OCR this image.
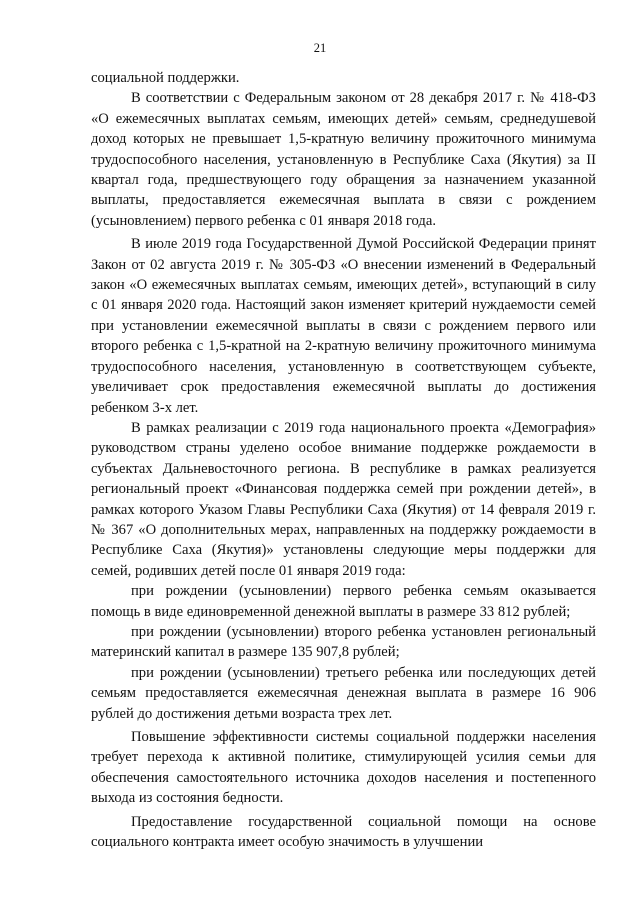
21

социальной поддержки.

В соответствии с Федеральным законом от 28 декабря 2017 г. № 418-ФЗ «О ежемесячных выплатах семьям, имеющих детей» семьям, среднедушевой доход которых не превышает 1,5-кратную величину прожиточного минимума трудоспособного населения, установленную в Республике Саха (Якутия) за II квартал года, предшествующего году обращения за назначением указанной выплаты, предоставляется ежемесячная выплата в связи с рождением (усыновлением) первого ребенка с 01 января 2018 года.

В июле 2019 года Государственной Думой Российской Федерации принят Закон от 02 августа 2019 г. № 305-ФЗ «О внесении изменений в Федеральный закон «О ежемесячных выплатах семьям, имеющих детей», вступающий в силу с 01 января 2020 года. Настоящий закон изменяет критерий нуждаемости семей при установлении ежемесячной выплаты в связи с рождением первого или второго ребенка с 1,5-кратной на 2-кратную величину прожиточного минимума трудоспособного населения, установленную в соответствующем субъекте, увеличивает срок предоставления ежемесячной выплаты до достижения ребенком 3-х лет.

В рамках реализации с 2019 года национального проекта «Демография» руководством страны уделено особое внимание поддержке рождаемости в субъектах Дальневосточного региона. В республике в рамках реализуется региональный проект «Финансовая поддержка семей при рождении детей», в рамках которого Указом Главы Республики Саха (Якутия) от 14 февраля 2019 г. № 367 «О дополнительных мерах, направленных на поддержку рождаемости в Республике Саха (Якутия)» установлены следующие меры поддержки для семей, родивших детей после 01 января 2019 года:

при рождении (усыновлении) первого ребенка семьям оказывается помощь в виде единовременной денежной выплаты в размере 33 812 рублей;

при рождении (усыновлении) второго ребенка установлен региональный материнский капитал в размере 135 907,8 рублей;

при рождении (усыновлении) третьего ребенка или последующих детей семьям предоставляется ежемесячная денежная выплата в размере 16 906 рублей до достижения детьми возраста трех лет.

Повышение эффективности системы социальной поддержки населения требует перехода к активной политике, стимулирующей усилия семьи для обеспечения самостоятельного источника доходов населения и постепенного выхода из состояния бедности.

Предоставление государственной социальной помощи на основе социального контракта имеет особую значимость в улучшении
